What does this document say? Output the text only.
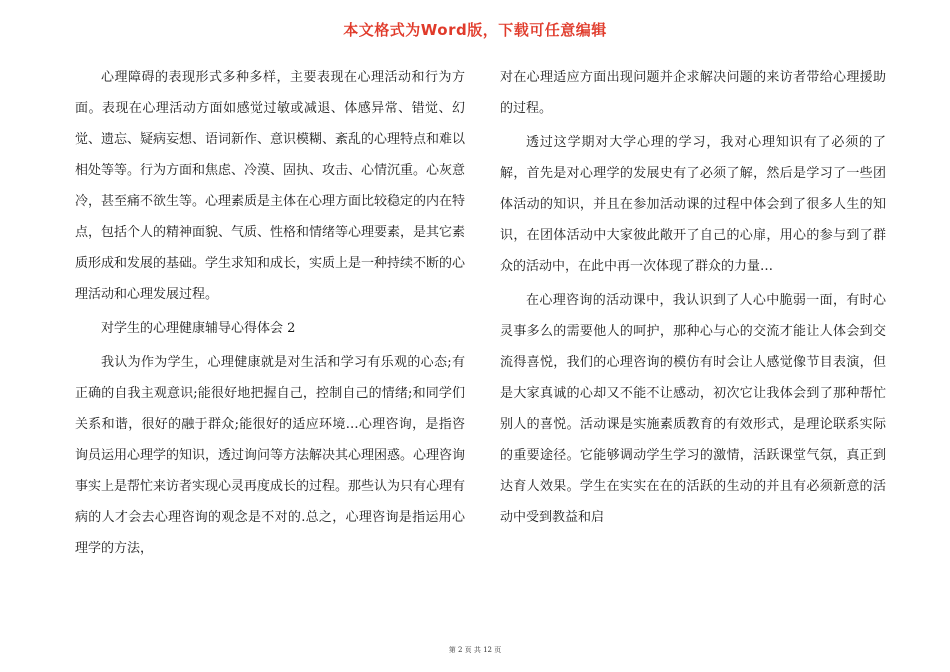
本文格式为Word版，下载可任意编辑

心理障碍的表现形式多种多样，主要表现在心理活动和行为方面。表现在心理活动方面如感觉过敏或减退、体感异常、错觉、幻觉、遗忘、疑病妄想、语词新作、意识模糊、紊乱的心理特点和难以相处等等。行为方面和焦虑、冷漠、固执、攻击、心情沉重。心灰意冷，甚至痛不欲生等。心理素质是主体在心理方面比较稳定的内在特点，包括个人的精神面貌、气质、性格和情绪等心理要素，是其它素质形成和发展的基础。学生求知和成长，实质上是一种持续不断的心理活动和心理发展过程。

对学生的心理健康辅导心得体会 2

我认为作为学生，心理健康就是对生活和学习有乐观的心态;有正确的自我主观意识;能很好地把握自己，控制自己的情绪;和同学们关系和谐，很好的融于群众;能很好的适应环境…心理咨询，是指咨询员运用心理学的知识，透过询问等方法解决其心理困惑。心理咨询事实上是帮忙来访者实现心灵再度成长的过程。那些认为只有心理有病的人才会去心理咨询的观念是不对的.总之，心理咨询是指运用心理学的方法，

对在心理适应方面出现问题并企求解决问题的来访者带给心理援助的过程。

透过这学期对大学心理的学习，我对心理知识有了必须的了解，首先是对心理学的发展史有了必须了解，然后是学习了一些团体活动的知识，并且在参加活动课的过程中体会到了很多人生的知识，在团体活动中大家彼此敞开了自己的心扉，用心的参与到了群众的活动中，在此中再一次体现了群众的力量…

在心理咨询的活动课中，我认识到了人心中脆弱一面，有时心灵事多么的需要他人的呵护，那种心与心的交流才能让人体会到交流得喜悦，我们的心理咨询的模仿有时会让人感觉像节目表演，但是大家真诚的心却又不能不让感动，初次它让我体会到了那种帮忙别人的喜悦。活动课是实施素质教育的有效形式，是理论联系实际的重要途径。它能够调动学生学习的激情，活跃课堂气氛，真正到达育人效果。学生在实实在在的活跃的生动的并且有必须新意的活动中受到教益和启

第 2 页 共 12 页
